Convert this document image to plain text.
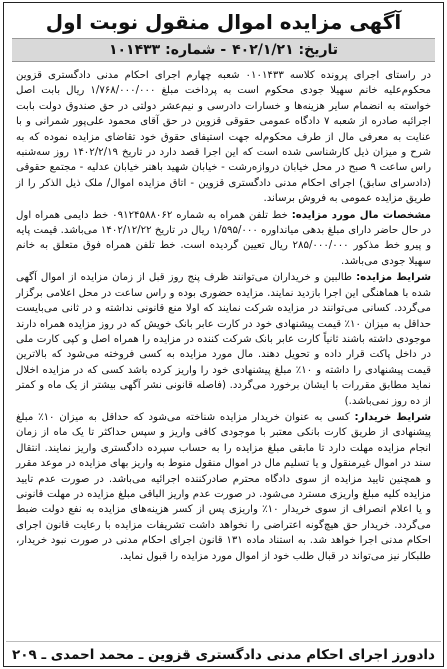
آگهی مزایده اموال منقول نوبت اول
تاریخ: ۴۰۲/۱/۲۱
- شماره: ۱۰۱۴۳۳

در راستای اجرای پرونده کلاسه ۰۱۰۱۴۳۳ شعبه چهارم اجرای احکام مدنی دادگستری قزوین محکوم‌علیه خانم سهیلا جودی محکوم است به پرداخت مبلغ ۱/۷۶۸/۰۰۰/۰۰۰ ریال بابت اصل خواسته به انضمام سایر هزینه‌ها و خسارات دادرسی و نیم‌عشر دولتی در حق صندوق دولت بابت اجرائیه صادره از شعبه ۷ دادگاه عمومی حقوقی قزوین در حق آقای محمود علی‌پور شمرانی و با عنایت به معرفی مال از طرف محکوم‌له جهت استیفای حقوق خود تقاضای مزایده نموده که به شرح و میزان ذیل کارشناسی شده است که این اجرا قصد دارد در تاریخ ۱۴۰۲/۲/۱۹ روز سه‌شنبه راس ساعت ۹ صبح در محل خیابان دروازه‌رشت - خیابان شهید باهنر خیابان عدلیه - مجتمع حقوقی (دادسرای سابق) اجرای احکام مدنی دادگستری قزوین - اتاق مزایده اموال/ ملک ذیل الذکر را از طریق مزایده عمومی به فروش برساند.

مشخصات مال مورد مزایده: خط تلفن همراه به شماره ۰۹۱۲۴۵۸۸۰۶۲ خط دایمی همراه اول در حال حاضر دارای مبلغ بدهی میانداوره ۱/۵۹۵/۰۰۰ ریال در تاریخ ۱۴۰۲/۱۲/۲۲ می‌باشد. قیمت پایه و پیرو خط مذکور ۲۸۵/۰۰۰/۰۰۰ ریال تعیین گردیده است. خط تلفن همراه فوق متعلق به خانم سهیلا جودی می‌باشد.

شرایط مزایده: طالبین و خریداران می‌توانند ظرف پنج روز قبل از زمان مزایده از اموال آگهی شده با هماهنگی این اجرا بازدید نمایند. مزایده حضوری بوده و راس ساعت در محل اعلامی برگزار می‌گردد. کسانی می‌توانند در مزایده شرکت نمایند که اولا منع قانونی نداشته و در ثانی می‌بایست حداقل به میزان ۱۰٪ قیمت پیشنهادی خود در کارت عابر بانک خویش که در روز مزایده همراه دارند موجودی داشته باشند ثانیاً کارت عابر بانک شرکت کننده در مزایده را همراه اصل و کپی کارت ملی در داخل پاکت قرار داده و تحویل دهند. مال مورد مزایده به کسی فروخته می‌شود که بالاترین قیمت پیشنهادی را داشته و ۱۰٪ مبلغ پیشنهادی خود را واریز کرده باشد کسی که در مزایده اخلال نماید مطابق مقررات با ایشان برخورد می‌گردد. (فاصله قانونی نشر آگهی بیشتر از یک ماه و کمتر از ده روز نمی‌باشد.)

شرایط خریدار: کسی به عنوان خریدار مزایده شناخته می‌شود که حداقل به میزان ۱۰٪ مبلغ پیشنهادی از طریق کارت بانکی معتبر با موجودی کافی واریز و سپس حداکثر تا یک ماه از زمان انجام مزایده مهلت دارد تا مابقی مبلغ مزایده را به حساب سپرده دادگستری واریز نمایند. انتقال سند در اموال غیرمنقول و یا تسلیم مال در اموال منقول منوط به واریز بهای مزایده در موعد مقرر و همچنین تایید مزایده از سوی دادگاه محترم صادرکننده اجرائیه می‌باشد. در صورت عدم تایید مزایده کلیه مبلغ واریزی مسترد می‌شود. در صورت عدم واریز الباقی مبلغ مزایده در مهلت قانونی و یا اعلام انصراف از سوی خریدار ۱۰٪ واریزی پس از کسر هزینه‌های مزایده به نفع دولت ضبط می‌گردد. خریدار حق هیچ‌گونه اعتراضی را نخواهد داشت تشریفات مزایده با رعایت قانون اجرای احکام مدنی اجرا خواهد شد. به استناد ماده ۱۳۱ قانون اجرای احکام مدنی در صورت نبود خریدار، طلبکار نیز می‌تواند در قبال طلب خود از اموال مورد مزایده را قبول نماید.

دادورز اجرای احکام مدنی دادگستری قزوین ـ محمد احمدی ـ ۲۰۹
